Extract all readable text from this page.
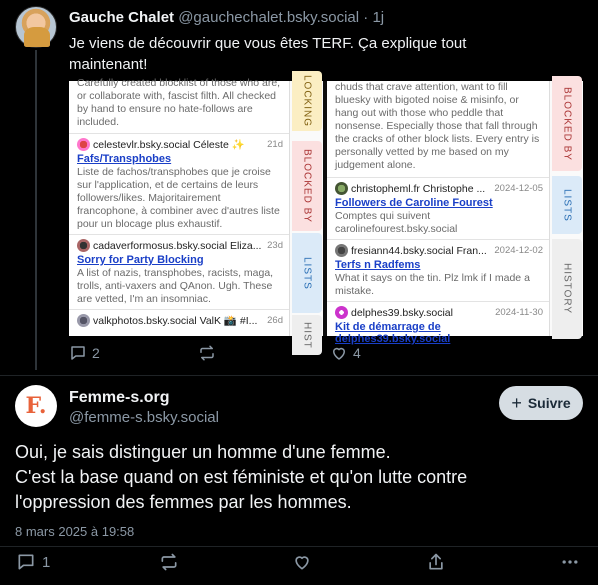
Gauche Chalet @gauchechalet.bsky.social · 1j
Je viens de découvrir que vous êtes TERF. Ça explique tout
maintenant!
Carefully created blocklist of those who are, or collaborate with, fascist filth. All checked by hand to ensure no hate-follows are included.
celestevlr.bsky.social Céleste ✨	21d
Fafs/Transphobes
Liste de fachos/transphobes que je croise sur l'application, et de certains de leurs followers/likes. Majoritairement francophone, à combiner avec d'autres liste pour un blocage plus exhaustif.
cadaverformosus.bsky.social Eliza... 23d
Sorry for Party Blocking
A list of nazis, transphobes, racists, maga, trolls, anti-vaxers and QAnon. Ugh. These are vetted, I'm an insomniac.
valkphotos.bsky.social ValK 📸 #I...	26d
LOCKING
BLOCKED BY
LISTS
HIST
chuds that crave attention, want to fill bluesky with bigoted noise & misinfo, or hang out with those who peddle that nonsense. Especially those that fall through the cracks of other block lists. Every entry is personally vetted by me based on my judgement alone.
christopheml.fr Christophe ... 2024-12-05
Followers de Caroline Fourest
Comptes qui suivent carolinefourest.bsky.social
fresiann44.bsky.social Fran... 2024-12-02
Terfs n Radfems
What it says on the tin. Plz lmk if I made a mistake.
delphes39.bsky.social	2024-11-30
Kit de démarrage de delphes39.bsky.social
BLOCKED BY
LISTS
HISTORY
2	4
F.	Femme-s.org
@femme-s.bsky.social
+ Suivre
Oui, je sais distinguer un homme d'une femme.
C'est la base quand on est féministe et qu'on lutte contre
l'oppression des femmes par les hommes.
8 mars 2025 à 19:58
1
